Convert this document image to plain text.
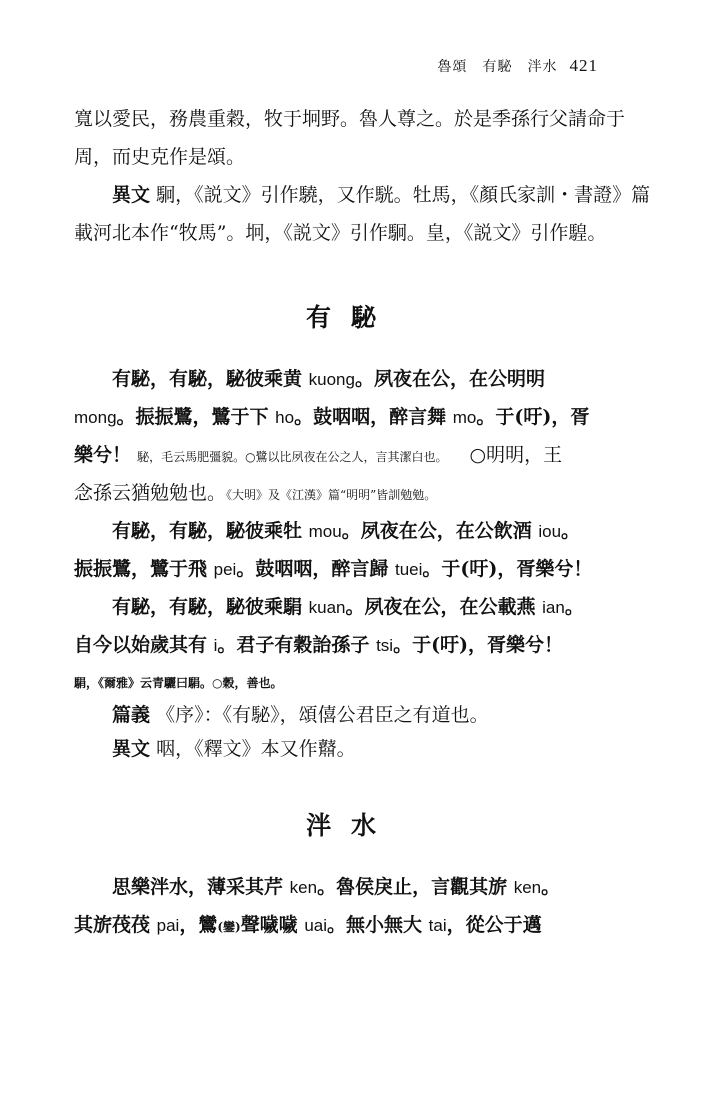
魯頌　有駜　泮水 421
寬以愛民，務農重穀，牧于坰野。魯人尊之。於是季孫行父請命于
周，而史克作是頌。
異文 駉，《説文》引作驍，又作駫。牡馬，《顏氏家訓・書證》篇
載河北本作“牧馬”。坰，《説文》引作駉。皇，《説文》引作騜。
有駜
有駜，有駜，駜彼乘黄 kuong。夙夜在公，在公明明
mong。振振鷺，鷺于下 ho。鼓咽咽，醉言舞 mo。于(吁)，胥
樂兮！ 駜，毛云馬肥彊貌。○鷺以比夙夜在公之人，言其潔白也。 ○明明，王
念孫云猶勉勉也。《大明》及《江漢》篇“明明”皆訓勉勉。
有駜，有駜，駜彼乘牡 mou。夙夜在公，在公飲酒 iou。
振振鷺，鷺于飛 pei。鼓咽咽，醉言歸 tuei。于(吁)，胥樂兮！
有駜，有駜，駜彼乘駽 kuan。夙夜在公，在公載燕 ian。
自今以始歲其有 i。君子有穀詒孫子 tsi。于(吁)，胥樂兮！
駽，《爾雅》云青驪曰駽。○穀，善也。
篇義 《序》：《有駜》，頌僖公君臣之有道也。
異文 咽，《釋文》本又作鼘。
泮水
思樂泮水，薄采其芹 ken。魯侯戾止，言觀其旂 ken。
其旂茷茷 pai，鸞(鑾)聲噦噦 uai。無小無大 tai，從公于邁
